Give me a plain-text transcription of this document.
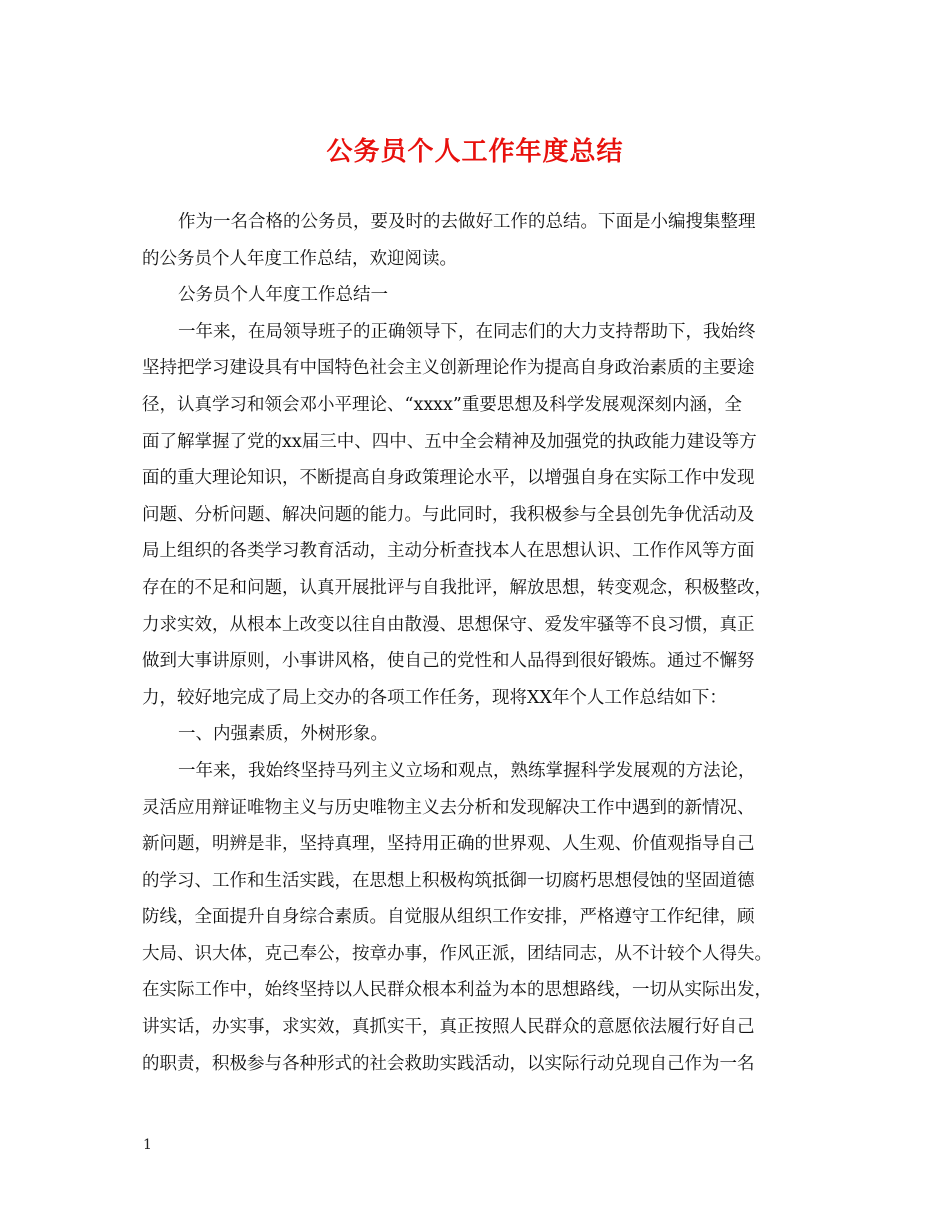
公务员个人工作年度总结
作为一名合格的公务员，要及时的去做好工作的总结。下面是小编搜集整理
的公务员个人年度工作总结，欢迎阅读。
公务员个人年度工作总结一
一年来，在局领导班子的正确领导下，在同志们的大力支持帮助下，我始终
坚持把学习建设具有中国特色社会主义创新理论作为提高自身政治素质的主要途
径，认真学习和领会邓小平理论、“xxxx”重要思想及科学发展观深刻内涵，全
面了解掌握了党的xx届三中、四中、五中全会精神及加强党的执政能力建设等方
面的重大理论知识，不断提高自身政策理论水平，以增强自身在实际工作中发现
问题、分析问题、解决问题的能力。与此同时，我积极参与全县创先争优活动及
局上组织的各类学习教育活动，主动分析查找本人在思想认识、工作作风等方面
存在的不足和问题，认真开展批评与自我批评，解放思想，转变观念，积极整改，
力求实效，从根本上改变以往自由散漫、思想保守、爱发牢骚等不良习惯，真正
做到大事讲原则，小事讲风格，使自己的党性和人品得到很好锻炼。通过不懈努
力，较好地完成了局上交办的各项工作任务，现将XX年个人工作总结如下：
一、内强素质，外树形象。
一年来，我始终坚持马列主义立场和观点，熟练掌握科学发展观的方法论，
灵活应用辩证唯物主义与历史唯物主义去分析和发现解决工作中遇到的新情况、
新问题，明辨是非，坚持真理，坚持用正确的世界观、人生观、价值观指导自己
的学习、工作和生活实践，在思想上积极构筑抵御一切腐朽思想侵蚀的坚固道德
防线，全面提升自身综合素质。自觉服从组织工作安排，严格遵守工作纪律，顾
大局、识大体，克己奉公，按章办事，作风正派，团结同志，从不计较个人得失。
在实际工作中，始终坚持以人民群众根本利益为本的思想路线，一切从实际出发，
讲实话，办实事，求实效，真抓实干，真正按照人民群众的意愿依法履行好自己
的职责，积极参与各种形式的社会救助实践活动，以实际行动兑现自己作为一名
1
